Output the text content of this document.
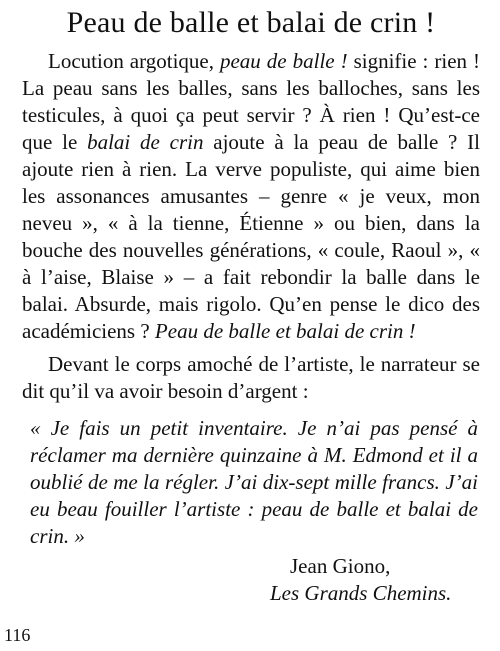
Peau de balle et balai de crin !

Locution argotique, peau de balle ! signifie : rien ! La peau sans les balles, sans les balloches, sans les testicules, à quoi ça peut servir ? À rien ! Qu’est-ce que le balai de crin ajoute à la peau de balle ? Il ajoute rien à rien. La verve populiste, qui aime bien les assonances amusantes – genre « je veux, mon neveu », « à la tienne, Étienne » ou bien, dans la bouche des nouvelles générations, « coule, Raoul », « à l’aise, Blaise » – a fait rebondir la balle dans le balai. Absurde, mais rigolo. Qu’en pense le dico des académiciens ? Peau de balle et balai de crin !

Devant le corps amoché de l’artiste, le narrateur se dit qu’il va avoir besoin d’argent :

« Je fais un petit inventaire. Je n’ai pas pensé à réclamer ma dernière quinzaine à M. Edmond et il a oublié de me la régler. J’ai dix-sept mille francs. J’ai eu beau fouiller l’artiste : peau de balle et balai de crin. »

Jean Giono,
Les Grands Chemins.
116
